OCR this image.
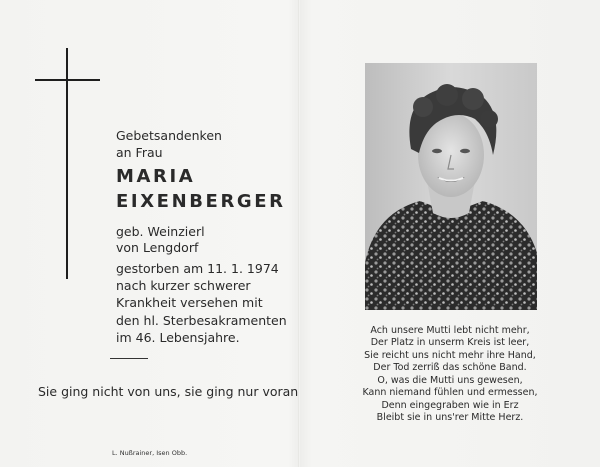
Gebetsandenken
an Frau
MARIA
EIXENBERGER
geb. Weinzierl
von Lengdorf
gestorben am 11. 1. 1974
nach kurzer schwerer
Krankheit versehen mit
den hl. Sterbesakramenten
im 46. Lebensjahre.
Sie ging nicht von uns, sie ging nur voran
L. Nußrainer, Isen Obb.
Ach unsere Mutti lebt nicht mehr,
Der Platz in unserm Kreis ist leer,
Sie reicht uns nicht mehr ihre Hand,
Der Tod zerriß das schöne Band.
O, was die Mutti uns gewesen,
Kann niemand fühlen und ermessen,
Denn eingegraben wie in Erz
Bleibt sie in uns'rer Mitte Herz.
